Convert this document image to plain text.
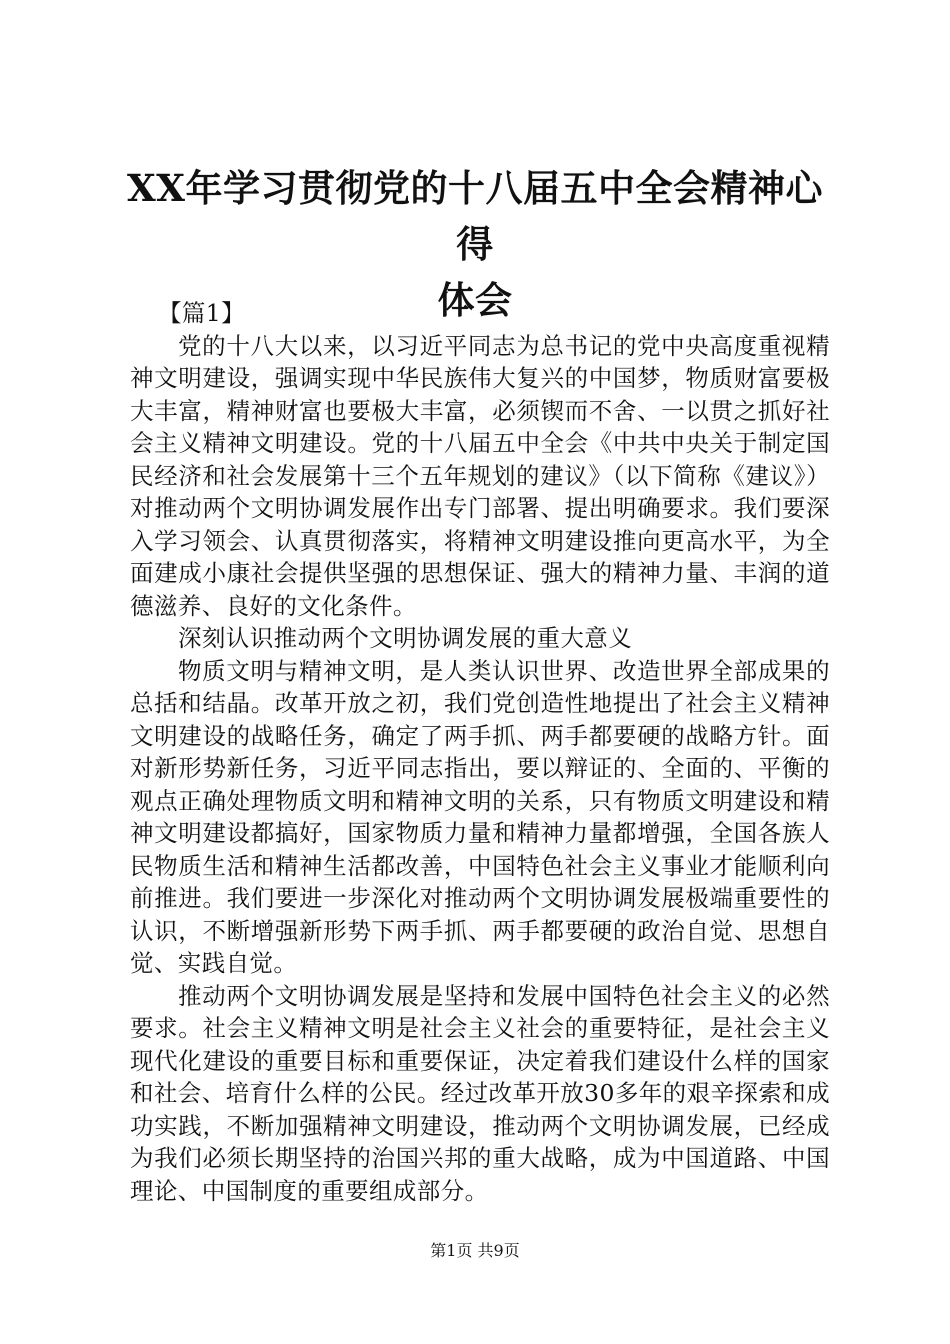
XX年学习贯彻党的十八届五中全会精神心得
体会

【篇1】

党的十八大以来，以习近平同志为总书记的党中央高度重视精神文明建设，强调实现中华民族伟大复兴的中国梦，物质财富要极大丰富，精神财富也要极大丰富，必须锲而不舍、一以贯之抓好社会主义精神文明建设。党的十八届五中全会《中共中央关于制定国民经济和社会发展第十三个五年规划的建议》（以下简称《建议》）对推动两个文明协调发展作出专门部署、提出明确要求。我们要深入学习领会、认真贯彻落实，将精神文明建设推向更高水平，为全面建成小康社会提供坚强的思想保证、强大的精神力量、丰润的道德滋养、良好的文化条件。

深刻认识推动两个文明协调发展的重大意义

物质文明与精神文明，是人类认识世界、改造世界全部成果的总括和结晶。改革开放之初，我们党创造性地提出了社会主义精神文明建设的战略任务，确定了两手抓、两手都要硬的战略方针。面对新形势新任务，习近平同志指出，要以辩证的、全面的、平衡的观点正确处理物质文明和精神文明的关系，只有物质文明建设和精神文明建设都搞好，国家物质力量和精神力量都增强，全国各族人民物质生活和精神生活都改善，中国特色社会主义事业才能顺利向前推进。我们要进一步深化对推动两个文明协调发展极端重要性的认识，不断增强新形势下两手抓、两手都要硬的政治自觉、思想自觉、实践自觉。

推动两个文明协调发展是坚持和发展中国特色社会主义的必然要求。社会主义精神文明是社会主义社会的重要特征，是社会主义现代化建设的重要目标和重要保证，决定着我们建设什么样的国家和社会、培育什么样的公民。经过改革开放30多年的艰辛探索和成功实践，不断加强精神文明建设，推动两个文明协调发展，已经成为我们必须长期坚持的治国兴邦的重大战略，成为中国道路、中国理论、中国制度的重要组成部分。

第1页 共9页
